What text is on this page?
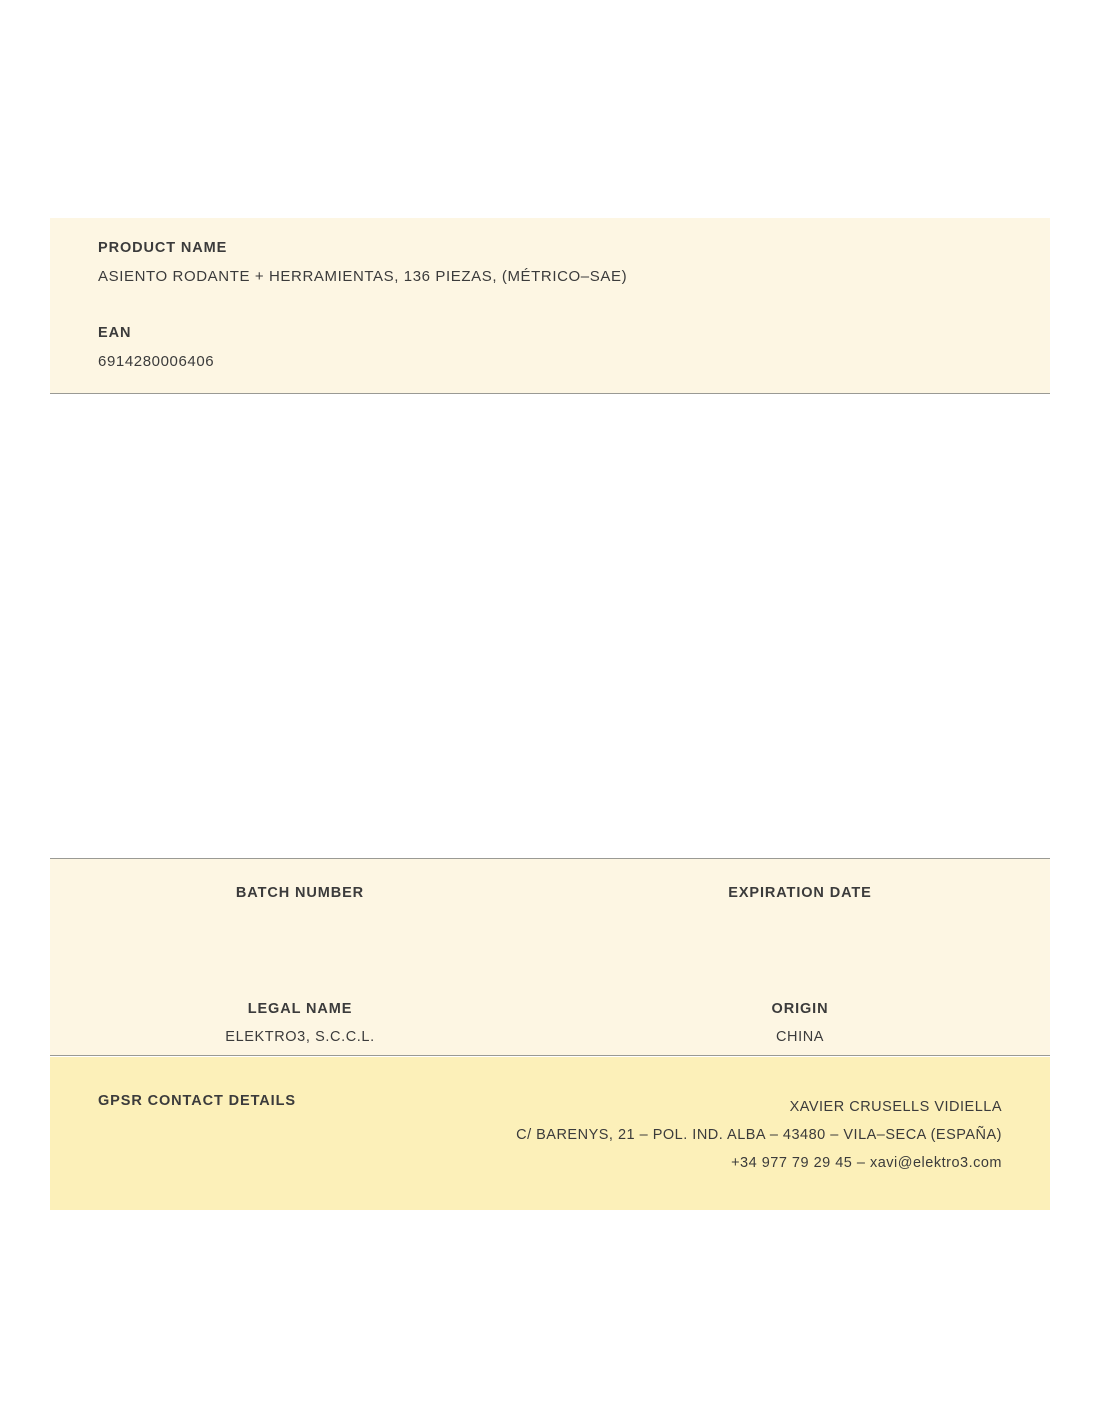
PRODUCT NAME

ASIENTO RODANTE + HERRAMIENTAS, 136 PIEZAS, (MÉTRICO–SAE)

EAN

6914280006406

BATCH NUMBER	EXPIRATION DATE

LEGAL NAME

ELEKTRO3, S.C.C.L.

ORIGIN

CHINA

GPSR CONTACT DETAILS	XAVIER CRUSELLS VIDIELLA
C/ BARENYS, 21 – POL. IND. ALBA – 43480 – VILA–SECA (ESPAÑA)
+34 977 79 29 45 – xavi@elektro3.com
